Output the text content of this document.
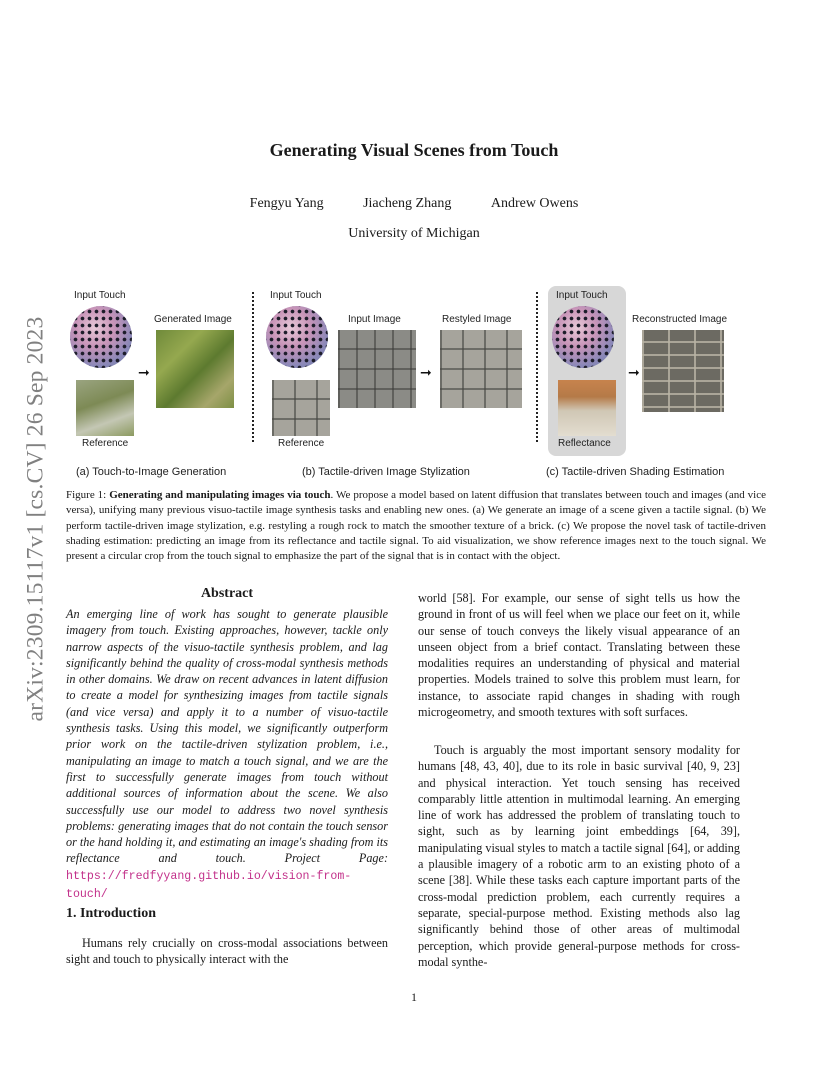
arXiv:2309.15117v1 [cs.CV] 26 Sep 2023
Generating Visual Scenes from Touch
Fengyu Yang	Jiacheng Zhang	Andrew Owens
University of Michigan
Input Touch
Reference
➞
Generated Image
Input Touch
Reference
Input Image
➞
Restyled Image
Input Touch
Reflectance
➞
Reconstructed Image
(a) Touch-to-Image Generation	(b) Tactile-driven Image Stylization	(c) Tactile-driven Shading Estimation
Figure 1: Generating and manipulating images via touch. We propose a model based on latent diffusion that translates between touch and images (and vice versa), unifying many previous visuo-tactile image synthesis tasks and enabling new ones. (a) We generate an image of a scene given a tactile signal. (b) We perform tactile-driven image stylization, e.g. restyling a rough rock to match the smoother texture of a brick. (c) We propose the novel task of tactile-driven shading estimation: predicting an image from its reflectance and tactile signal. To aid visualization, we show reference images next to the touch signal. We present a circular crop from the touch signal to emphasize the part of the signal that is in contact with the object.
Abstract
An emerging line of work has sought to generate plausible imagery from touch. Existing approaches, however, tackle only narrow aspects of the visuo-tactile synthesis problem, and lag significantly behind the quality of cross-modal synthesis methods in other domains. We draw on recent advances in latent diffusion to create a model for synthesizing images from tactile signals (and vice versa) and apply it to a number of visuo-tactile synthesis tasks. Using this model, we significantly outperform prior work on the tactile-driven stylization problem, i.e., manipulating an image to match a touch signal, and we are the first to successfully generate images from touch without additional sources of information about the scene. We also successfully use our model to address two novel synthesis problems: generating images that do not contain the touch sensor or the hand holding it, and estimating an image's shading from its reflectance and touch. Project Page: https://fredfyyang.github.io/vision-from-touch/
1. Introduction
Humans rely crucially on cross-modal associations between sight and touch to physically interact with the
world [58]. For example, our sense of sight tells us how the ground in front of us will feel when we place our feet on it, while our sense of touch conveys the likely visual appearance of an unseen object from a brief contact. Translating between these modalities requires an understanding of physical and material properties. Models trained to solve this problem must learn, for instance, to associate rapid changes in shading with rough microgeometry, and smooth textures with soft surfaces.
Touch is arguably the most important sensory modality for humans [48, 43, 40], due to its role in basic survival [40, 9, 23] and physical interaction. Yet touch sensing has received comparably little attention in multimodal learning. An emerging line of work has addressed the problem of translating touch to sight, such as by learning joint embeddings [64, 39], manipulating visual styles to match a tactile signal [64], or adding a plausible imagery of a robotic arm to an existing photo of a scene [38]. While these tasks each capture important parts of the cross-modal prediction problem, each currently requires a separate, special-purpose method. Existing methods also lag significantly behind those of other areas of multimodal perception, which provide general-purpose methods for cross-modal synthe-
1
